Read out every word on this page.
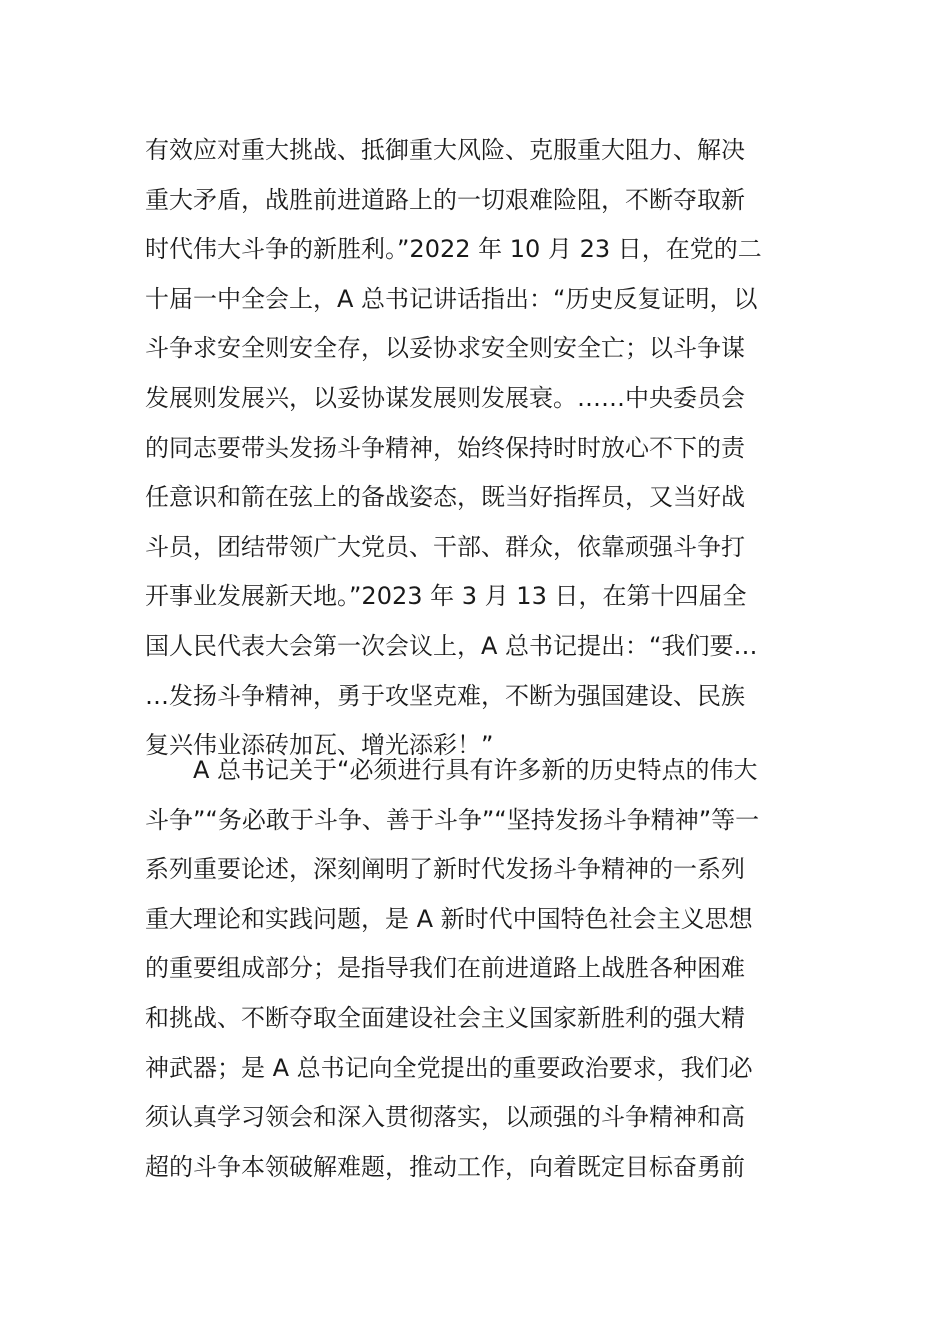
有效应对重大挑战、抵御重大风险、克服重大阻力、解决
重大矛盾，战胜前进道路上的一切艰难险阻，不断夺取新
时代伟大斗争的新胜利。”2022 年 10 月 23 日，在党的二
十届一中全会上，A 总书记讲话指出：“历史反复证明，以
斗争求安全则安全存，以妥协求安全则安全亡；以斗争谋
发展则发展兴，以妥协谋发展则发展衰。……中央委员会
的同志要带头发扬斗争精神，始终保持时时放心不下的责
任意识和箭在弦上的备战姿态，既当好指挥员，又当好战
斗员，团结带领广大党员、干部、群众，依靠顽强斗争打
开事业发展新天地。”2023 年 3 月 13 日，在第十四届全
国人民代表大会第一次会议上，A 总书记提出：“我们要…
…发扬斗争精神，勇于攻坚克难，不断为强国建设、民族
复兴伟业添砖加瓦、增光添彩！”
　　A 总书记关于“必须进行具有许多新的历史特点的伟大
斗争”“务必敢于斗争、善于斗争”“坚持发扬斗争精神”等一
系列重要论述，深刻阐明了新时代发扬斗争精神的一系列
重大理论和实践问题，是 A 新时代中国特色社会主义思想
的重要组成部分；是指导我们在前进道路上战胜各种困难
和挑战、不断夺取全面建设社会主义国家新胜利的强大精
神武器；是 A 总书记向全党提出的重要政治要求，我们必
须认真学习领会和深入贯彻落实，以顽强的斗争精神和高
超的斗争本领破解难题，推动工作，向着既定目标奋勇前
